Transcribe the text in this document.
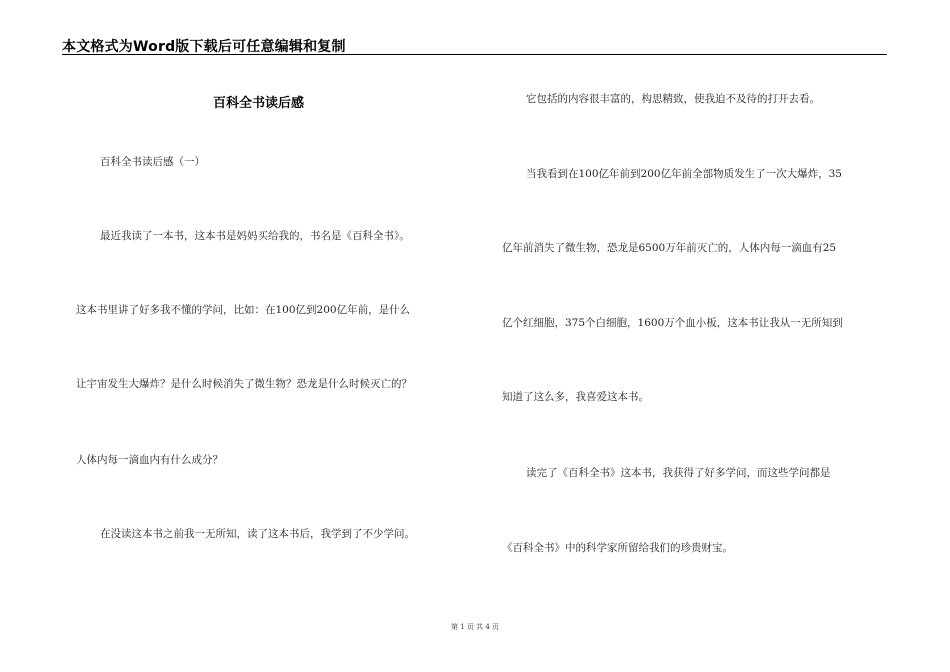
本文格式为Word版下载后可任意编辑和复制
百科全书读后感
百科全书读后感（一）
最近我读了一本书，这本书是妈妈买给我的，书名是《百科全书》。
这本书里讲了好多我不懂的学问，比如：在100亿到200亿年前，是什么
让宇宙发生大爆炸？是什么时候消失了微生物？恐龙是什么时候灭亡的？
人体内每一滴血内有什么成分？
在没读这本书之前我一无所知，读了这本书后，我学到了不少学问。
它包括的内容很丰富的，构思精致，使我迫不及待的打开去看。
当我看到在100亿年前到200亿年前全部物质发生了一次大爆炸，35
亿年前消失了微生物，恐龙是6500万年前灭亡的，人体内每一滴血有25
亿个红细胞，375个白细胞，1600万个血小板，这本书让我从一无所知到
知道了这么多，我喜爱这本书。
读完了《百科全书》这本书，我获得了好多学问，而这些学问都是
《百科全书》中的科学家所留给我们的珍贵财宝。
第 1 页 共 4 页
